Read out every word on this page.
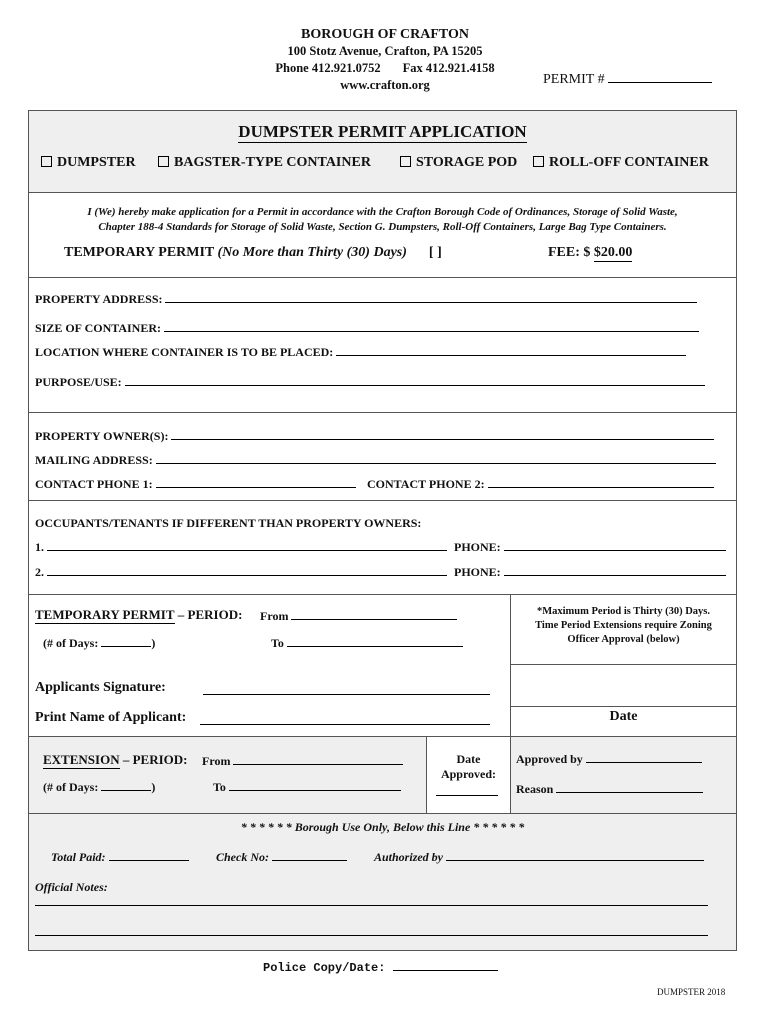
BOROUGH OF CRAFTON
100 Stotz Avenue, Crafton, PA 15205
Phone 412.921.0752 Fax 412.921.4158
www.crafton.org	PERMIT #
DUMPSTER PERMIT APPLICATION
DUMPSTER	BAGSTER-TYPE CONTAINER	STORAGE POD	ROLL-OFF CONTAINER
I (We) hereby make application for a Permit in accordance with the Crafton Borough Code of Ordinances, Storage of Solid Waste,
Chapter 188-4 Standards for Storage of Solid Waste, Section G. Dumpsters, Roll-Off Containers, Large Bag Type Containers.
TEMPORARY PERMIT (No More than Thirty (30) Days) [ ]	FEE: $ $20.00
PROPERTY ADDRESS:
SIZE OF CONTAINER:
LOCATION WHERE CONTAINER IS TO BE PLACED:
PURPOSE/USE:
PROPERTY OWNER(S):
MAILING ADDRESS:
CONTACT PHONE 1:	CONTACT PHONE 2:
OCCUPANTS/TENANTS IF DIFFERENT THAN PROPERTY OWNERS:
1.	PHONE:
2.	PHONE:
TEMPORARY PERMIT – PERIOD: From
(# of Days:	)	To
*Maximum Period is Thirty (30) Days.
Time Period Extensions require Zoning
Officer Approval (below)
Applicants Signature:
Print Name of Applicant:	Date
EXTENSION – PERIOD: From
(# of Days:	)	To
Date
Approved:
Approved by
Reason
* * * * * * Borough Use Only, Below this Line * * * * * *
Total Paid:	Check No:	Authorized by
Official Notes:
Police Copy/Date:
DUMPSTER 2018
